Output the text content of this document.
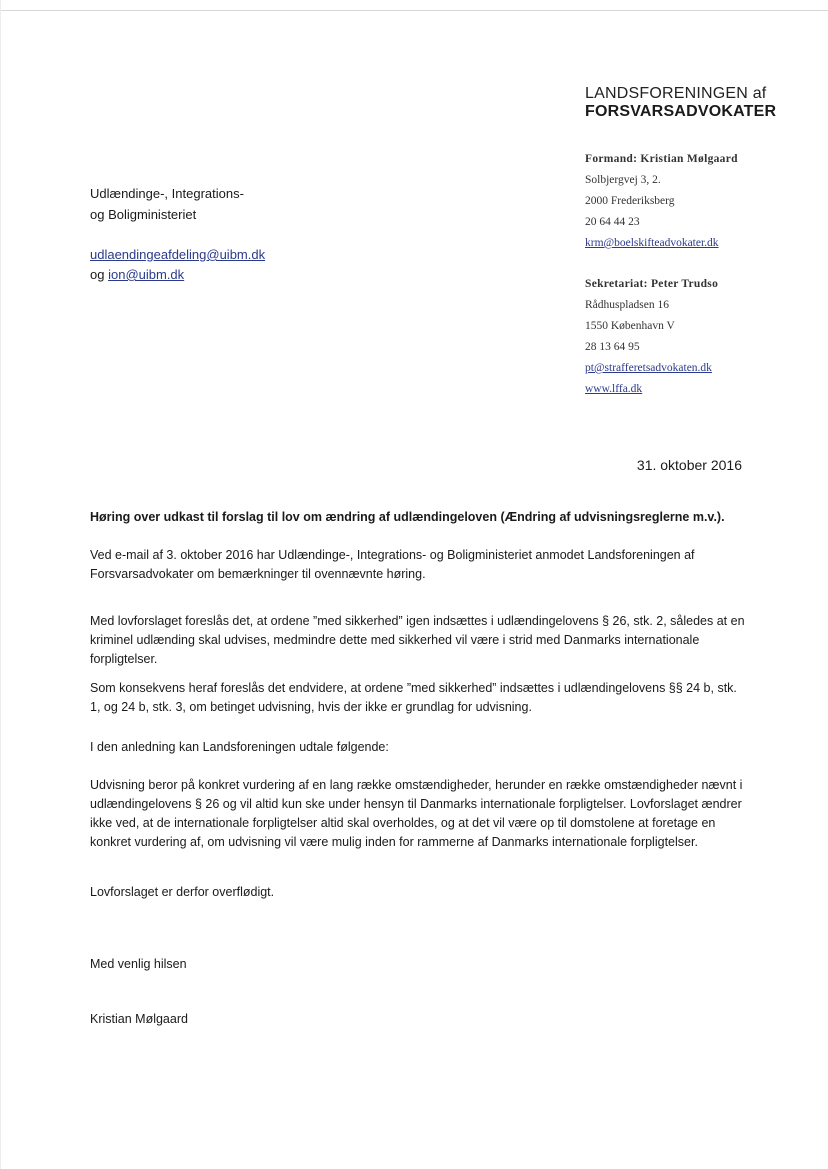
LANDSFORENINGEN af
FORSVARSADVOKATER
Formand: Kristian Mølgaard
Solbjergvej 3, 2.
2000 Frederiksberg
20 64 44 23
krm@boelskifteadvokater.dk
Sekretariat: Peter Trudso
Rådhuspladsen 16
1550 København V
28 13 64 95
pt@strafferetsadvokaten.dk
www.lffa.dk
Udlændinge-, Integrations-
og Boligministeriet
udlaendingeafdeling@uibm.dk
og ion@uibm.dk
31. oktober 2016
Høring over udkast til forslag til lov om ændring af udlændingeloven (Ændring af udvisningsreglerne m.v.).
Ved e-mail af 3. oktober 2016 har Udlændinge-, Integrations- og Boligministeriet anmodet Landsforeningen af Forsvarsadvokater om bemærkninger til ovennævnte høring.
Med lovforslaget foreslås det, at ordene ”med sikkerhed” igen indsættes i udlændingelovens § 26, stk. 2, således at en kriminel udlænding skal udvises, medmindre dette med sikkerhed vil være i strid med Danmarks internationale forpligtelser.
Som konsekvens heraf foreslås det endvidere, at ordene ”med sikkerhed” indsættes i udlændingelovens §§ 24 b, stk. 1, og 24 b, stk. 3, om betinget udvisning, hvis der ikke er grundlag for udvisning.
I den anledning kan Landsforeningen udtale følgende:
Udvisning beror på konkret vurdering af en lang række omstændigheder, herunder en række omstændigheder nævnt i udlændingelovens § 26 og vil altid kun ske under hensyn til Danmarks internationale forpligtelser. Lovforslaget ændrer ikke ved, at de internationale forpligtelser altid skal overholdes, og at det vil være op til domstolene at foretage en konkret vurdering af, om udvisning vil være mulig inden for rammerne af Danmarks internationale forpligtelser.
Lovforslaget er derfor overflødigt.
Med venlig hilsen
Kristian Mølgaard
